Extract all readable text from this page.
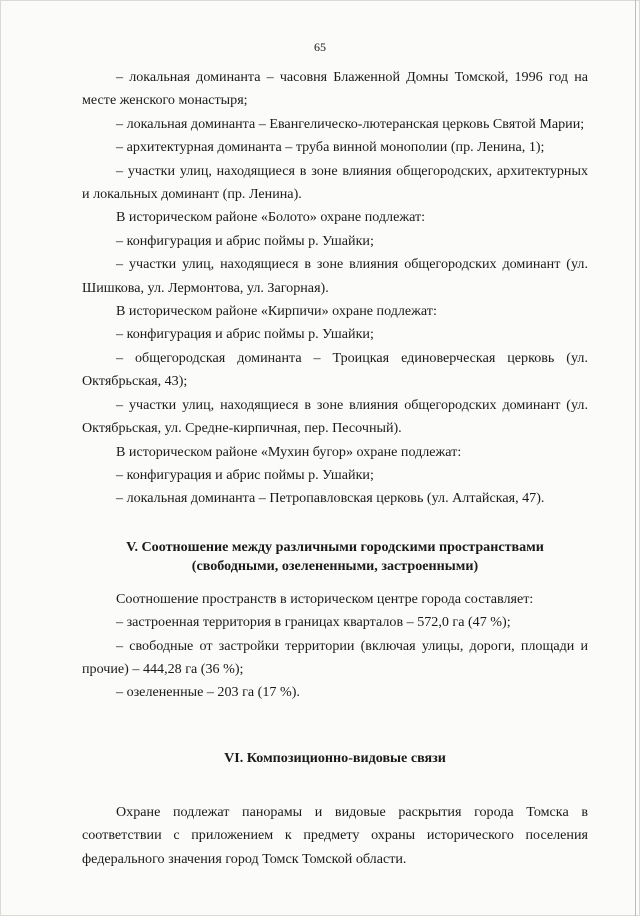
65

– локальная доминанта – часовня Блаженной Домны Томской, 1996 год на месте женского монастыря;

– локальная доминанта – Евангелическо-лютеранская церковь Святой Марии;

– архитектурная доминанта – труба винной монополии (пр. Ленина, 1);

– участки улиц, находящиеся в зоне влияния общегородских, архитектурных и локальных доминант (пр. Ленина).

В историческом районе «Болото» охране подлежат:

– конфигурация и абрис поймы р. Ушайки;

– участки улиц, находящиеся в зоне влияния общегородских доминант (ул. Шишкова, ул. Лермонтова, ул. Загорная).

В историческом районе «Кирпичи» охране подлежат:

– конфигурация и абрис поймы р. Ушайки;

– общегородская доминанта – Троицкая единоверческая церковь (ул. Октябрьская, 43);

– участки улиц, находящиеся в зоне влияния общегородских доминант (ул. Октябрьская, ул. Средне-кирпичная, пер. Песочный).

В историческом районе «Мухин бугор» охране подлежат:

– конфигурация и абрис поймы р. Ушайки;

– локальная доминанта – Петропавловская церковь (ул. Алтайская, 47).

V. Соотношение между различными городскими пространствами
(свободными, озелененными, застроенными)

Соотношение пространств в историческом центре города составляет:

– застроенная территория в границах кварталов – 572,0 га (47 %);

– свободные от застройки территории (включая улицы, дороги, площади и прочие) – 444,28 га (36 %);

– озелененные – 203 га (17 %).

VI. Композиционно-видовые связи

Охране подлежат панорамы и видовые раскрытия города Томска в соответствии с приложением к предмету охраны исторического поселения федерального значения город Томск Томской области.
